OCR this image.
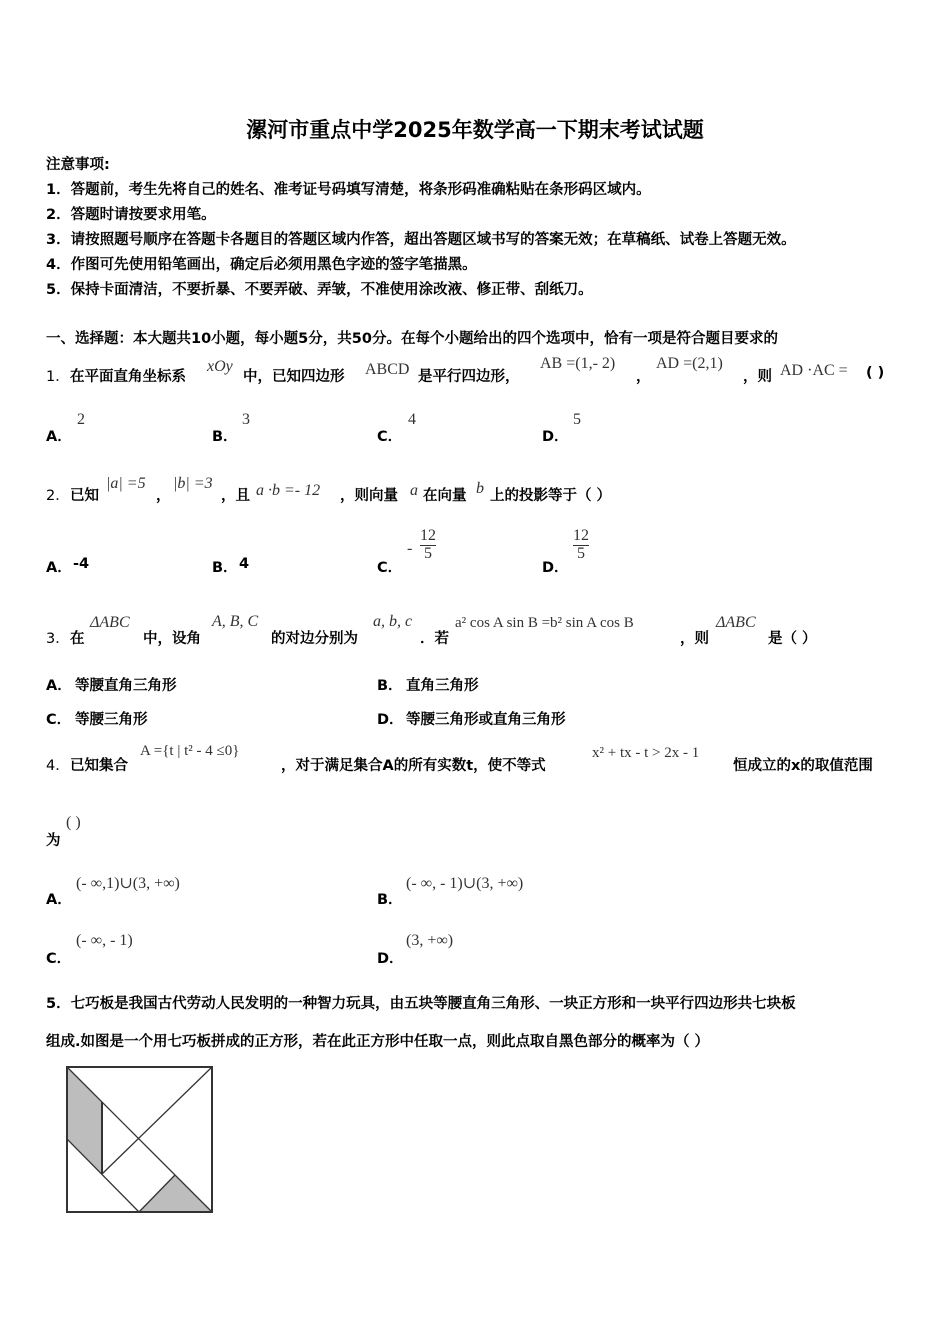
漯河市重点中学2025年数学高一下期末考试试题
注意事项:
1．答题前，考生先将自己的姓名、准考证号码填写清楚，将条形码准确粘贴在条形码区域内。
2．答题时请按要求用笔。
3．请按照题号顺序在答题卡各题目的答题区域内作答，超出答题区域书写的答案无效；在草稿纸、试卷上答题无效。
4．作图可先使用铅笔画出，确定后必须用黑色字迹的签字笔描黑。
5．保持卡面清洁，不要折暴、不要弄破、弄皱，不准使用涂改液、修正带、刮纸刀。
一、选择题：本大题共10小题，每小题5分，共50分。在每个小题给出的四个选项中，恰有一项是符合题目要求的
1． 在平面直角坐标系
xOy
中，已知四边形 ABCD 是平行四边形，
AB =(1,- 2)
，
AD =(2,1)
，则 AD ·AC = ( )
A．
2
B．
3
C．
4
D．
5
2． 已知
|a| =5
，
|b| =3
，且 a ·b =- 12 ，则向量 a 在向量 b 上的投影等于（ ）
A． -4	B． 4	C．
-
12
5
D．
12
5
3． 在
ΔABC
中，设角
A, B, C
的对边分别为
a, b, c
．若
a² cos A sin B =b² sin A cos B
，则
ΔABC
是（ ）
A． 等腰直角三角形	B． 直角三角形
C． 等腰三角形	D． 等腰三角形或直角三角形
4． 已知集合
A ={t | t² - 4 ≤0}
，对于满足集合A的所有实数t，使不等式
x² + tx - t > 2x - 1
恒成立的x的取值范围
为
( )
A．
(- ∞,1)∪(3, +∞)
B．
(- ∞, - 1)∪(3, +∞)
C．
(- ∞, - 1)
D．
(3, +∞)
5．七巧板是我国古代劳动人民发明的一种智力玩具，由五块等腰直角三角形、一块正方形和一块平行四边形共七块板
组成.如图是一个用七巧板拼成的正方形，若在此正方形中任取一点，则此点取自黑色部分的概率为（ ）
